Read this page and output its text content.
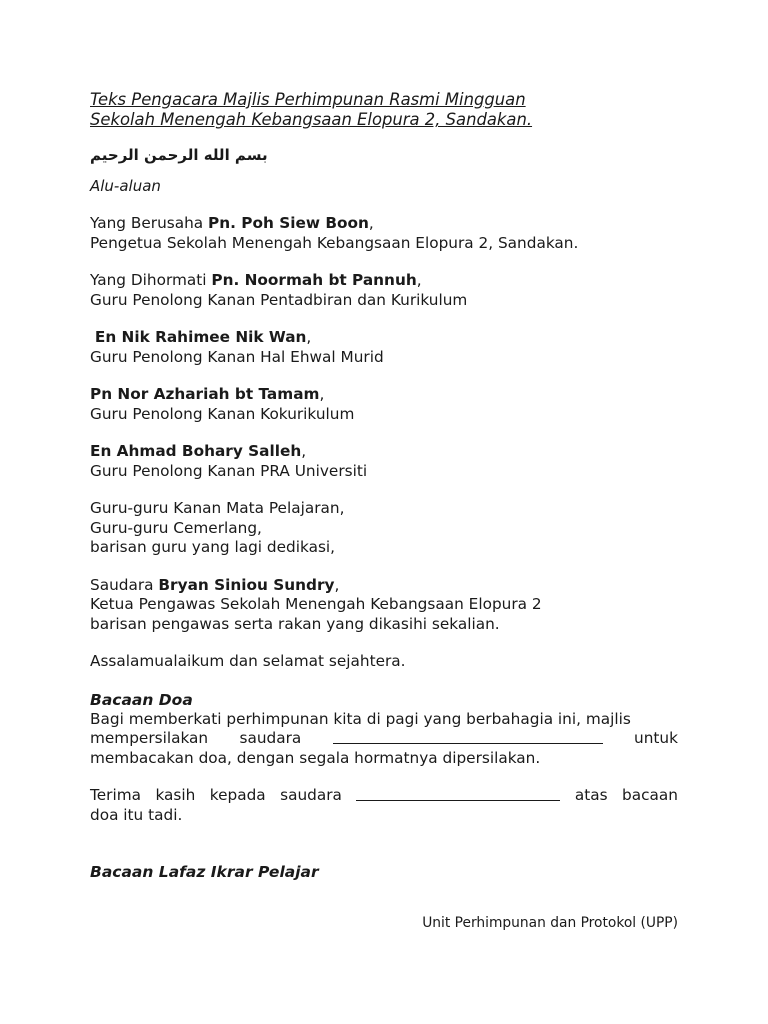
Teks Pengacara Majlis Perhimpunan Rasmi Mingguan
Sekolah Menengah Kebangsaan Elopura 2, Sandakan.
بسم الله الرحمن الرحيم
Alu-aluan
Yang Berusaha Pn. Poh Siew Boon,
Pengetua Sekolah Menengah Kebangsaan Elopura 2, Sandakan.
Yang Dihormati Pn. Noormah bt Pannuh,
Guru Penolong Kanan Pentadbiran dan Kurikulum
En Nik Rahimee Nik Wan,
Guru Penolong Kanan Hal Ehwal Murid
Pn Nor Azhariah bt Tamam,
Guru Penolong Kanan Kokurikulum
En Ahmad Bohary Salleh,
Guru Penolong Kanan PRA Universiti
Guru-guru Kanan Mata Pelajaran,
Guru-guru Cemerlang,
barisan guru yang lagi dedikasi,
Saudara Bryan Siniou Sundry,
Ketua Pengawas Sekolah Menengah Kebangsaan Elopura 2
barisan pengawas serta rakan yang dikasihi sekalian.
Assalamualaikum dan selamat sejahtera.
Bacaan Doa
Bagi memberkati perhimpunan kita di pagi yang berbahagia ini, majlis
mempersilakan saudara	untuk
membacakan doa, dengan segala hormatnya dipersilakan.
Terima kasih kepada saudara	atas bacaan
doa itu tadi.
Bacaan Lafaz Ikrar Pelajar
Unit Perhimpunan dan Protokol (UPP)
